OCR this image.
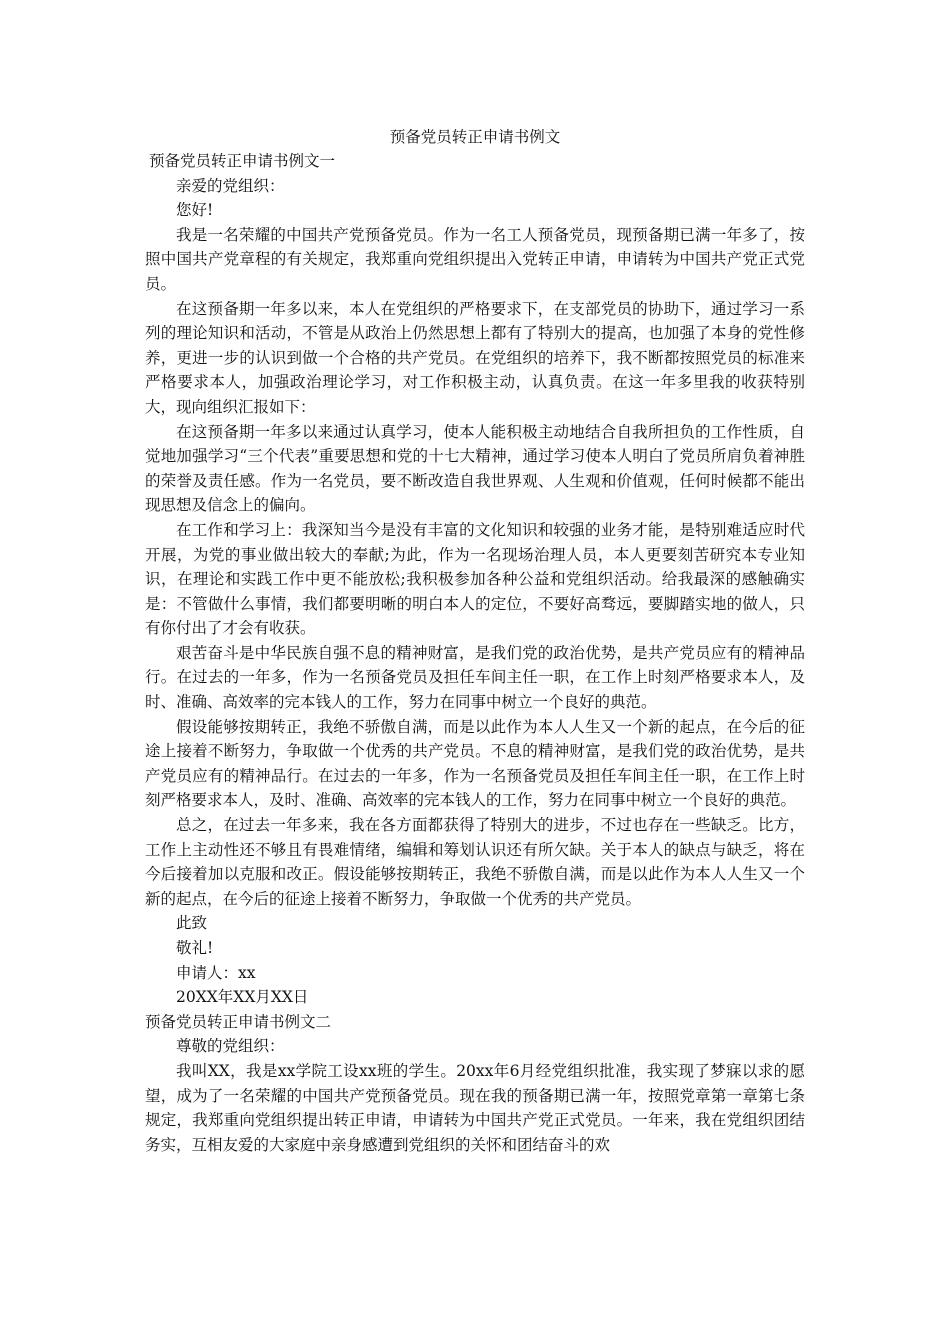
预备党员转正申请书例文

预备党员转正申请书例文一

亲爱的党组织：

您好!

我是一名荣耀的中国共产党预备党员。作为一名工人预备党员，现预备期已满一年多了，按照中国共产党章程的有关规定，我郑重向党组织提出入党转正申请，申请转为中国共产党正式党员。

在这预备期一年多以来，本人在党组织的严格要求下，在支部党员的协助下，通过学习一系列的理论知识和活动，不管是从政治上仍然思想上都有了特别大的提高，也加强了本身的党性修养，更进一步的认识到做一个合格的共产党员。在党组织的培养下，我不断都按照党员的标准来严格要求本人，加强政治理论学习，对工作积极主动，认真负责。在这一年多里我的收获特别大，现向组织汇报如下：

在这预备期一年多以来通过认真学习，使本人能积极主动地结合自我所担负的工作性质，自觉地加强学习“三个代表”重要思想和党的十七大精神，通过学习使本人明白了党员所肩负着神胜的荣誉及责任感。作为一名党员，要不断改造自我世界观、人生观和价值观，任何时候都不能出现思想及信念上的偏向。

在工作和学习上：我深知当今是没有丰富的文化知识和较强的业务才能，是特别难适应时代开展，为党的事业做出较大的奉献;为此，作为一名现场治理人员，本人更要刻苦研究本专业知识，在理论和实践工作中更不能放松;我积极参加各种公益和党组织活动。给我最深的感触确实是：不管做什么事情，我们都要明晰的明白本人的定位，不要好高骛远，要脚踏实地的做人，只有你付出了才会有收获。

艰苦奋斗是中华民族自强不息的精神财富，是我们党的政治优势，是共产党员应有的精神品行。在过去的一年多，作为一名预备党员及担任车间主任一职，在工作上时刻严格要求本人，及时、准确、高效率的完本钱人的工作，努力在同事中树立一个良好的典范。

假设能够按期转正，我绝不骄傲自满，而是以此作为本人人生又一个新的起点，在今后的征途上接着不断努力，争取做一个优秀的共产党员。不息的精神财富，是我们党的政治优势，是共产党员应有的精神品行。在过去的一年多，作为一名预备党员及担任车间主任一职，在工作上时刻严格要求本人，及时、准确、高效率的完本钱人的工作，努力在同事中树立一个良好的典范。

总之，在过去一年多来，我在各方面都获得了特别大的进步，不过也存在一些缺乏。比方，工作上主动性还不够且有畏难情绪，编辑和筹划认识还有所欠缺。关于本人的缺点与缺乏，将在今后接着加以克服和改正。假设能够按期转正，我绝不骄傲自满，而是以此作为本人人生又一个新的起点，在今后的征途上接着不断努力，争取做一个优秀的共产党员。

此致

敬礼!

申请人：xx

20XX年XX月XX日

预备党员转正申请书例文二

尊敬的党组织：

我叫XX，我是xx学院工设xx班的学生。20xx年6月经党组织批准，我实现了梦寐以求的愿望，成为了一名荣耀的中国共产党预备党员。现在我的预备期已满一年，按照党章第一章第七条规定，我郑重向党组织提出转正申请，申请转为中国共产党正式党员。一年来，我在党组织团结务实，互相友爱的大家庭中亲身感遭到党组织的关怀和团结奋斗的欢
